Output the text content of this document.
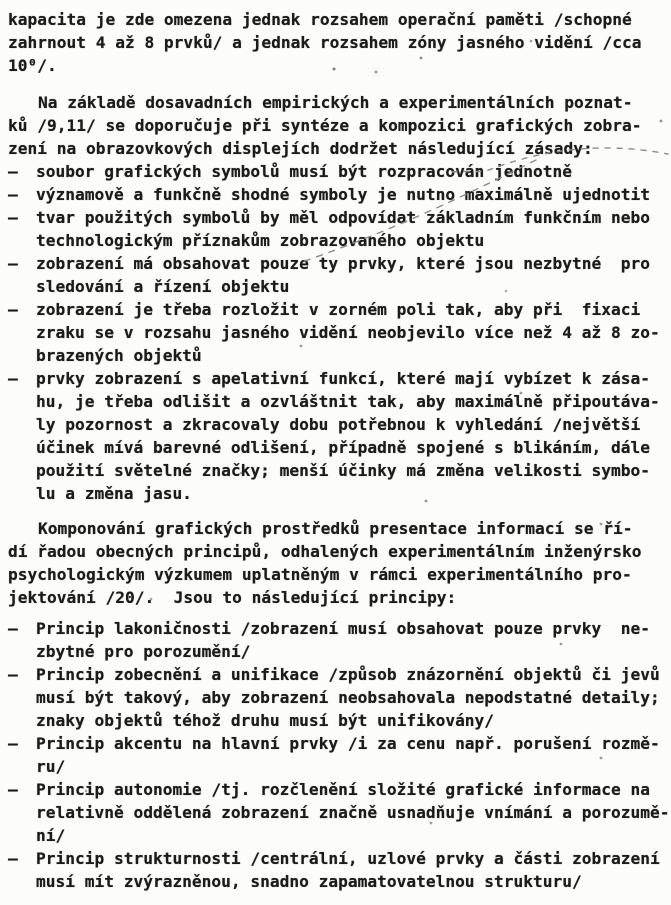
kapacita je zde omezena jednak rozsahem operační paměti /schopné
zahrnout 4 až 8 prvků/ a jednak rozsahem zóny jasného vidění /cca
10⁰/.
Na základě dosavadních empirických a experimentálních poznat-
ků /9,11/ se doporučuje při syntéze a kompozici grafických zobra-
zení na obrazovkových displejích dodržet následující zásady:
–	soubor grafických symbolů musí být rozpracován jednotně
–	významově a funkčně shodné symboly je nutno maximálně ujednotit
–	tvar použitých symbolů by měl odpovídat základním funkčním nebo
technologickým příznakům zobrazovaného objektu
–	zobrazení má obsahovat pouze ty prvky, které jsou nezbytné  pro
sledování a řízení objektu
–	zobrazení je třeba rozložit v zorném poli tak, aby při  fixaci
zraku se v rozsahu jasného vidění neobjevilo více než 4 až 8 zo-
brazených objektů
–	prvky zobrazení s apelativní funkcí, které mají vybízet k zása-
hu, je třeba odlišit a ozvláštnit tak, aby maximálně připoutáva-
ly pozornost a zkracovaly dobu potřebnou k vyhledání /největší
účinek mívá barevné odlišení, případně spojené s blikáním, dále
použití světelné značky; menší účinky má změna velikosti symbo-
lu a změna jasu.
Komponování grafických prostředků presentace informací se ří-
dí řadou obecných principů, odhalených experimentálním inženýrsko
psychologickým výzkumem uplatněným v rámci experimentálního pro-
jektování /20/.  Jsou to následující principy:
–	Princip lakoničnosti /zobrazení musí obsahovat pouze prvky  ne-
zbytné pro porozumění/
–	Princip zobecnění a unifikace /způsob znázornění objektů či jevů
musí být takový, aby zobrazení neobsahovala nepodstatné detaily;
znaky objektů téhož druhu musí být unifikovány/
–	Princip akcentu na hlavní prvky /i za cenu např. porušení rozmě-
ru/
–	Princip autonomie /tj. rozčlenění složité grafické informace na
relativně oddělená zobrazení značně usnadňuje vnímání a porozumě-
ní/
–	Princip strukturnosti /centrální, uzlové prvky a části zobrazení
musí mít zvýrazněnou, snadno zapamatovatelnou strukturu/
